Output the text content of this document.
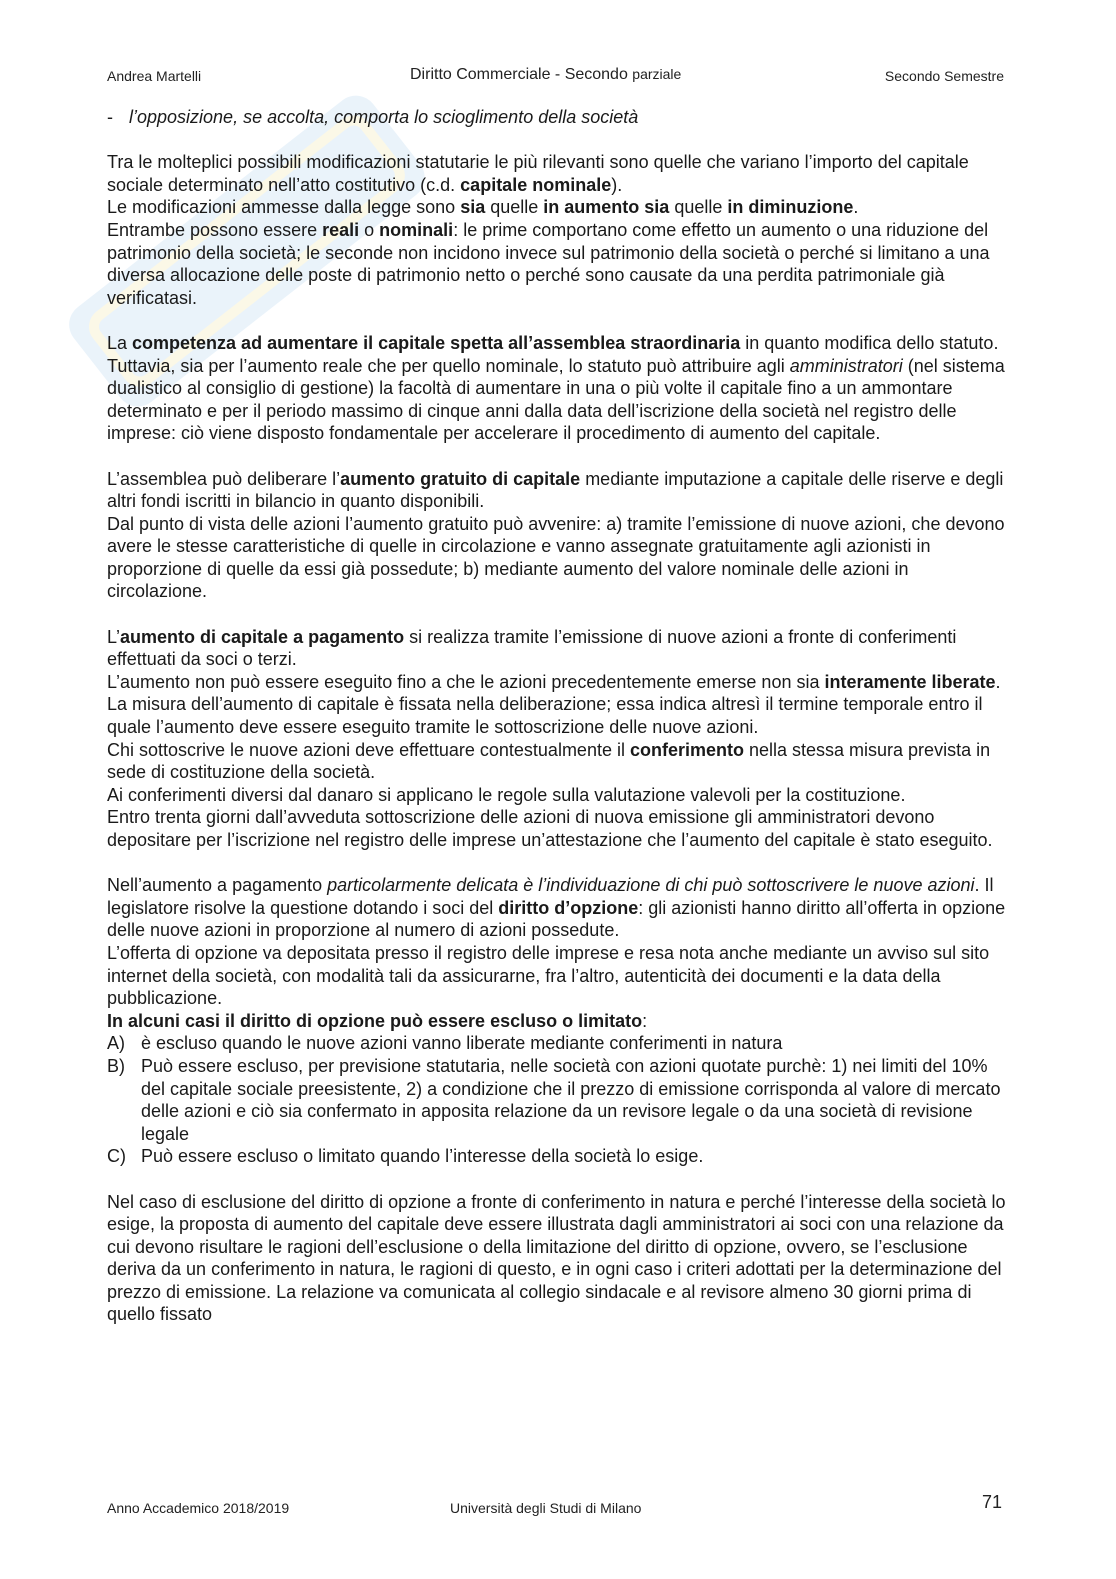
Andrea Martelli	Diritto Commerciale - Secondo parziale	Secondo Semestre
- l’opposizione, se accolta, comporta lo scioglimento della società

Tra le molteplici possibili modificazioni statutarie le più rilevanti sono quelle che variano l’importo del capitale sociale determinato nell’atto costitutivo (c.d. capitale nominale).

Le modificazioni ammesse dalla legge sono sia quelle in aumento sia quelle in diminuzione.

Entrambe possono essere reali o nominali: le prime comportano come effetto un aumento o una riduzione del patrimonio della società; le seconde non incidono invece sul patrimonio della società o perché si limitano a una diversa allocazione delle poste di patrimonio netto o perché sono causate da una perdita patrimoniale già verificatasi.

La competenza ad aumentare il capitale spetta all’assemblea straordinaria in quanto modifica dello statuto. Tuttavia, sia per l’aumento reale che per quello nominale, lo statuto può attribuire agli amministratori (nel sistema dualistico al consiglio di gestione) la facoltà di aumentare in una o più volte il capitale fino a un ammontare determinato e per il periodo massimo di cinque anni dalla data dell’iscrizione della società nel registro delle imprese: ciò viene disposto fondamentale per accelerare il procedimento di aumento del capitale.

L’assemblea può deliberare l’aumento gratuito di capitale mediante imputazione a capitale delle riserve e degli altri fondi iscritti in bilancio in quanto disponibili.

Dal punto di vista delle azioni l’aumento gratuito può avvenire: a) tramite l’emissione di nuove azioni, che devono avere le stesse caratteristiche di quelle in circolazione e vanno assegnate gratuitamente agli azionisti in proporzione di quelle da essi già possedute; b) mediante aumento del valore nominale delle azioni in circolazione.

L’aumento di capitale a pagamento si realizza tramite l’emissione di nuove azioni a fronte di conferimenti effettuati da soci o terzi.

L’aumento non può essere eseguito fino a che le azioni precedentemente emerse non sia interamente liberate.

La misura dell’aumento di capitale è fissata nella deliberazione; essa indica altresì il termine temporale entro il quale l’aumento deve essere eseguito tramite le sottoscrizione delle nuove azioni.

Chi sottoscrive le nuove azioni deve effettuare contestualmente il conferimento nella stessa misura prevista in sede di costituzione della società.

Ai conferimenti diversi dal danaro si applicano le regole sulla valutazione valevoli per la costituzione.

Entro trenta giorni dall’avveduta sottoscrizione delle azioni di nuova emissione gli amministratori devono depositare per l’iscrizione nel registro delle imprese un’attestazione che l’aumento del capitale è stato eseguito.

Nell’aumento a pagamento particolarmente delicata è l’individuazione di chi può sottoscrivere le nuove azioni. Il legislatore risolve la questione dotando i soci del diritto d’opzione: gli azionisti hanno diritto all’offerta in opzione delle nuove azioni in proporzione al numero di azioni possedute.

L’offerta di opzione va depositata presso il registro delle imprese e resa nota anche mediante un avviso sul sito internet della società, con modalità tali da assicurarne, fra l’altro, autenticità dei documenti e la data della pubblicazione.

In alcuni casi il diritto di opzione può essere escluso o limitato:

A) è escluso quando le nuove azioni vanno liberate mediante conferimenti in natura
B) Può essere escluso, per previsione statutaria, nelle società con azioni quotate purchè: 1) nei limiti del 10% del capitale sociale preesistente, 2) a condizione che il prezzo di emissione corrisponda al valore di mercato delle azioni e ciò sia confermato in apposita relazione da un revisore legale o da una società di revisione legale
C) Può essere escluso o limitato quando l’interesse della società lo esige.

Nel caso di esclusione del diritto di opzione a fronte di conferimento in natura e perché l’interesse della società lo esige, la proposta di aumento del capitale deve essere illustrata dagli amministratori ai soci con una relazione da cui devono risultare le ragioni dell’esclusione o della limitazione del diritto di opzione, ovvero, se l’esclusione deriva da un conferimento in natura, le ragioni di questo, e in ogni caso i criteri adottati per la determinazione del prezzo di emissione. La relazione va comunicata al collegio sindacale e al revisore almeno 30 giorni prima di quello fissato

Anno Accademico 2018/2019	Università degli Studi di Milano	71
